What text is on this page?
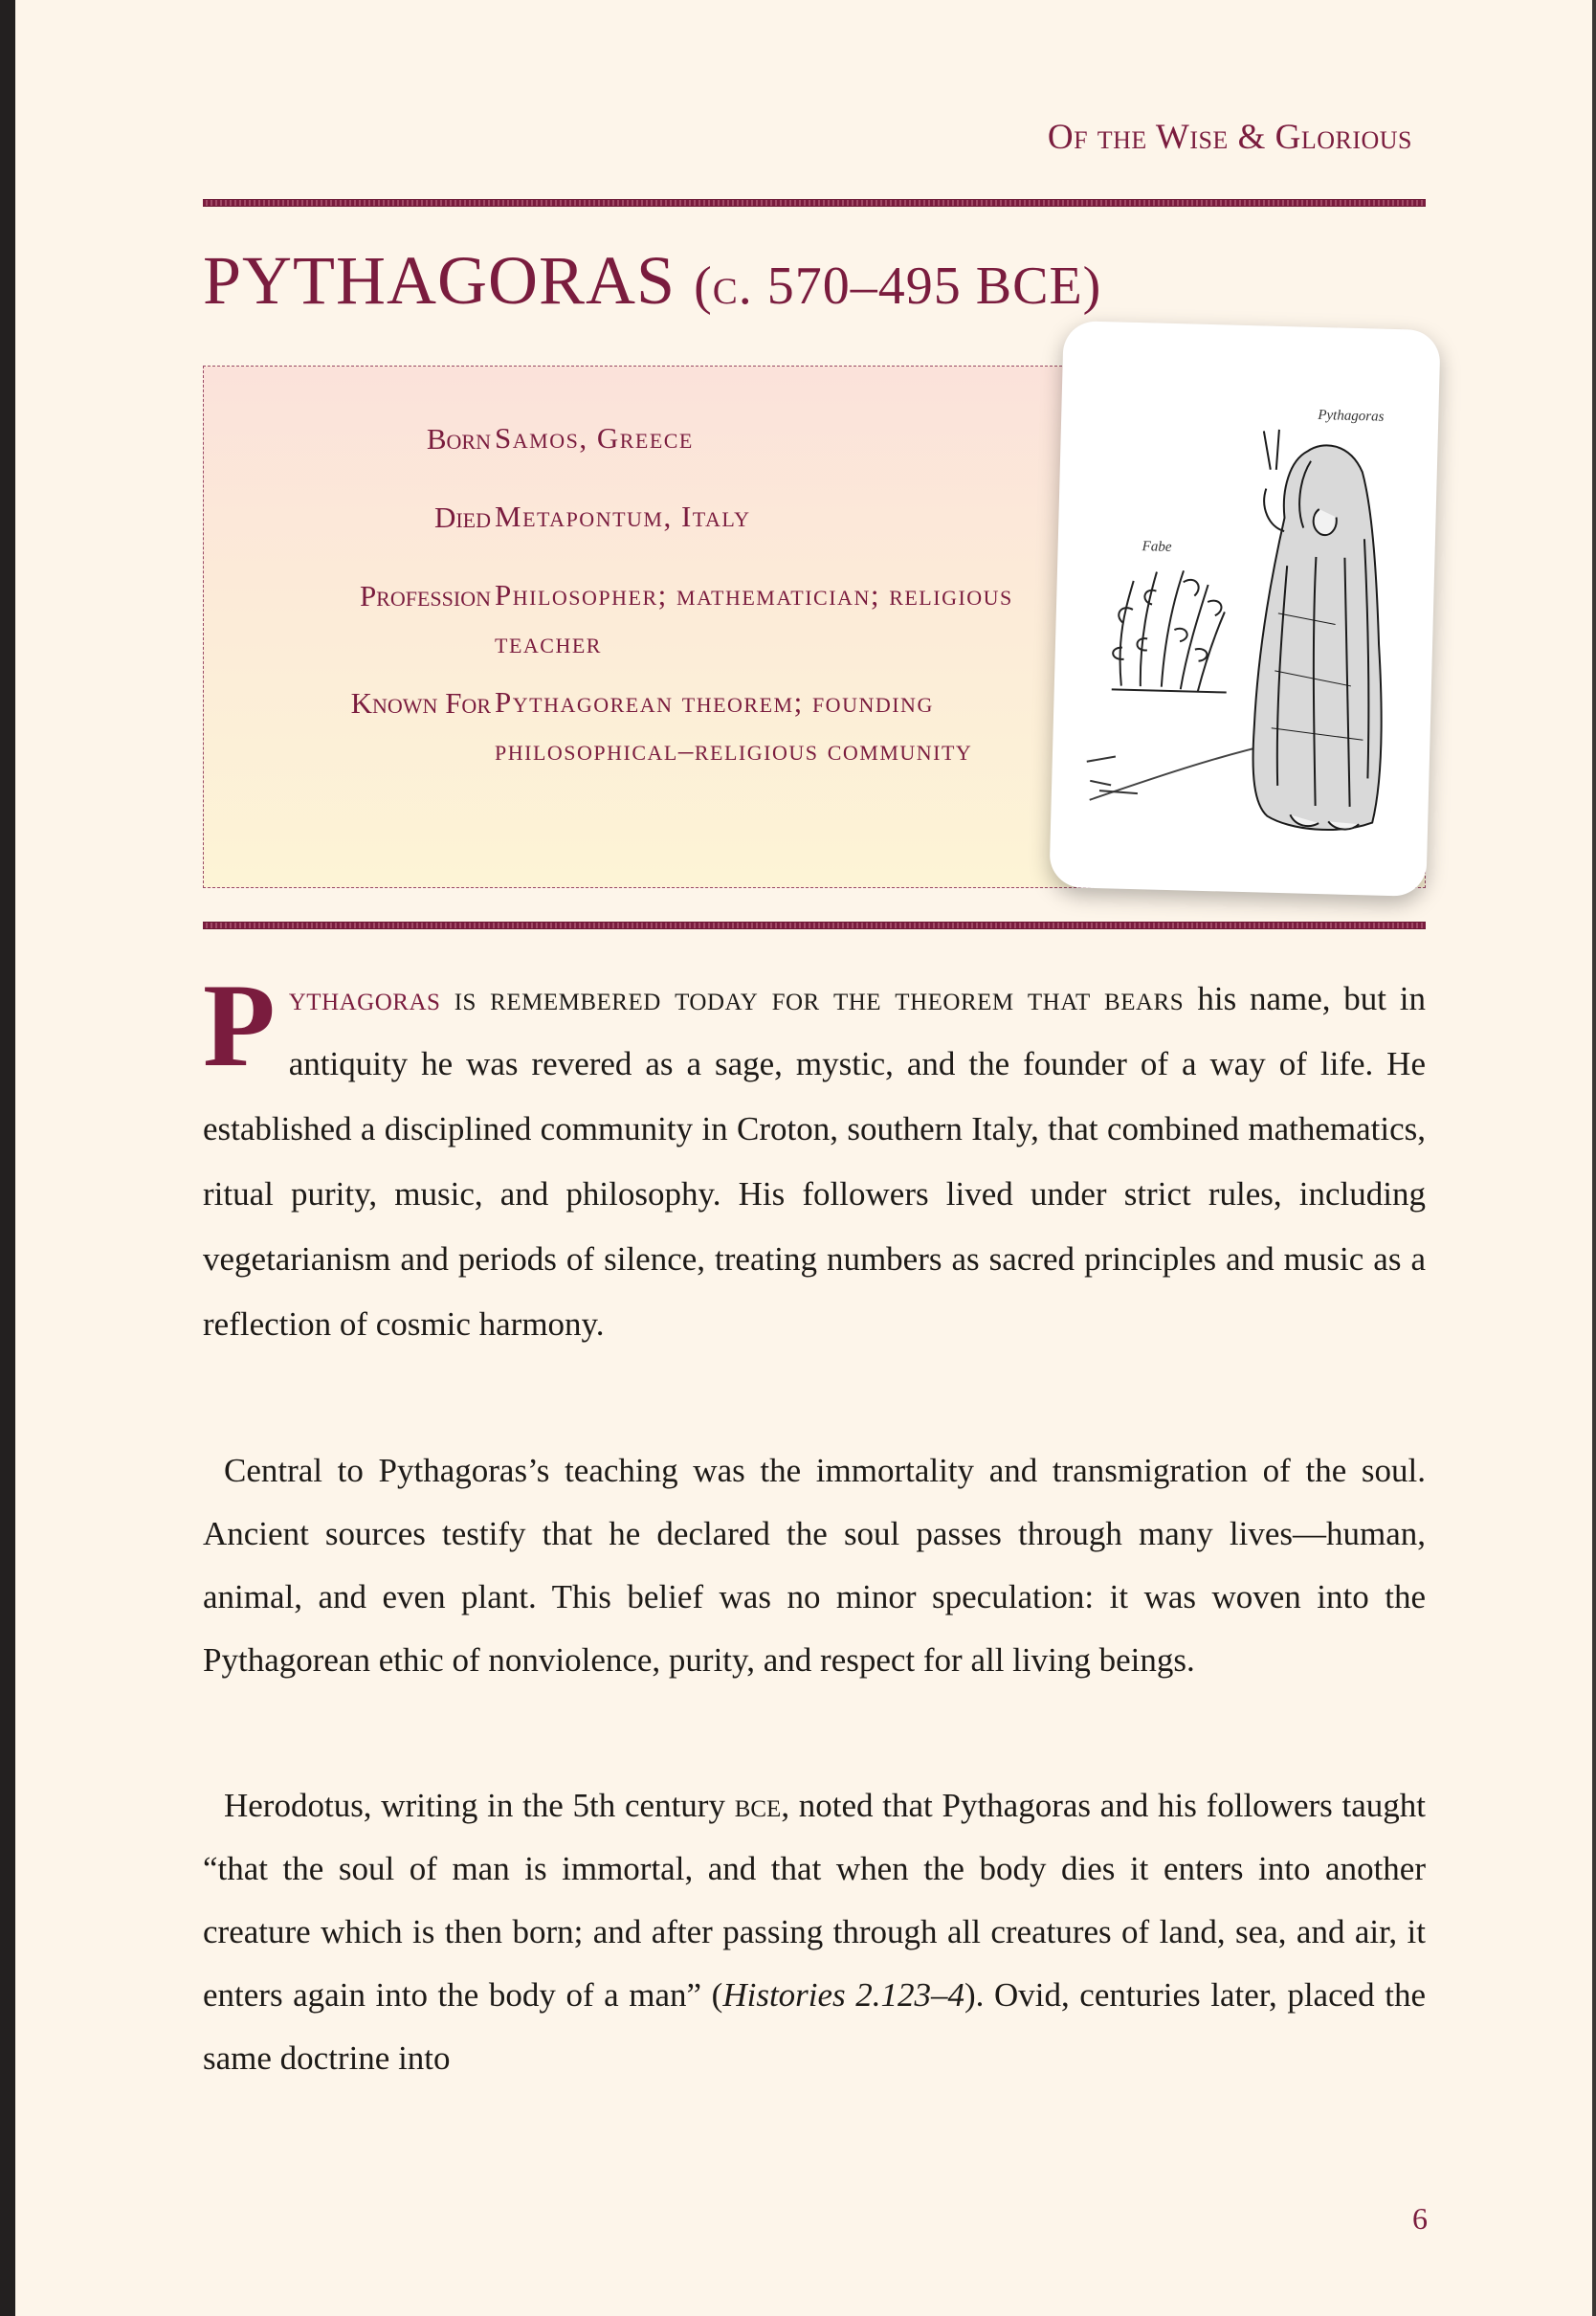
Of the Wise & Glorious
PYTHAGORAS (c. 570–495 BCE)
Born Samos, Greece
Died Metapontum, Italy
Profession Philosopher; mathematician; religious teacher
Known For Pythagorean theorem; founding philosophical–religious community
Pythagoras
Fabe
P ythagoras is remembered today for the theorem that bears his name, but in antiquity he was revered as a sage, mystic, and the founder of a way of life. He established a disciplined community in Croton, southern Italy, that combined mathematics, ritual purity, music, and philosophy. His followers lived under strict rules, including vegetarianism and periods of silence, treating numbers as sacred principles and music as a reflection of cosmic harmony.
Central to Pythagoras’s teaching was the immortality and transmigration of the soul. Ancient sources testify that he declared the soul passes through many lives—human, animal, and even plant. This belief was no minor speculation: it was woven into the Pythagorean ethic of nonviolence, purity, and respect for all living beings.
Herodotus, writing in the 5th century bce, noted that Pythagoras and his followers taught “that the soul of man is immortal, and that when the body dies it enters into another creature which is then born; and after passing through all creatures of land, sea, and air, it enters again into the body of a man” (Histories 2.123–4). Ovid, centuries later, placed the same doctrine into
6
